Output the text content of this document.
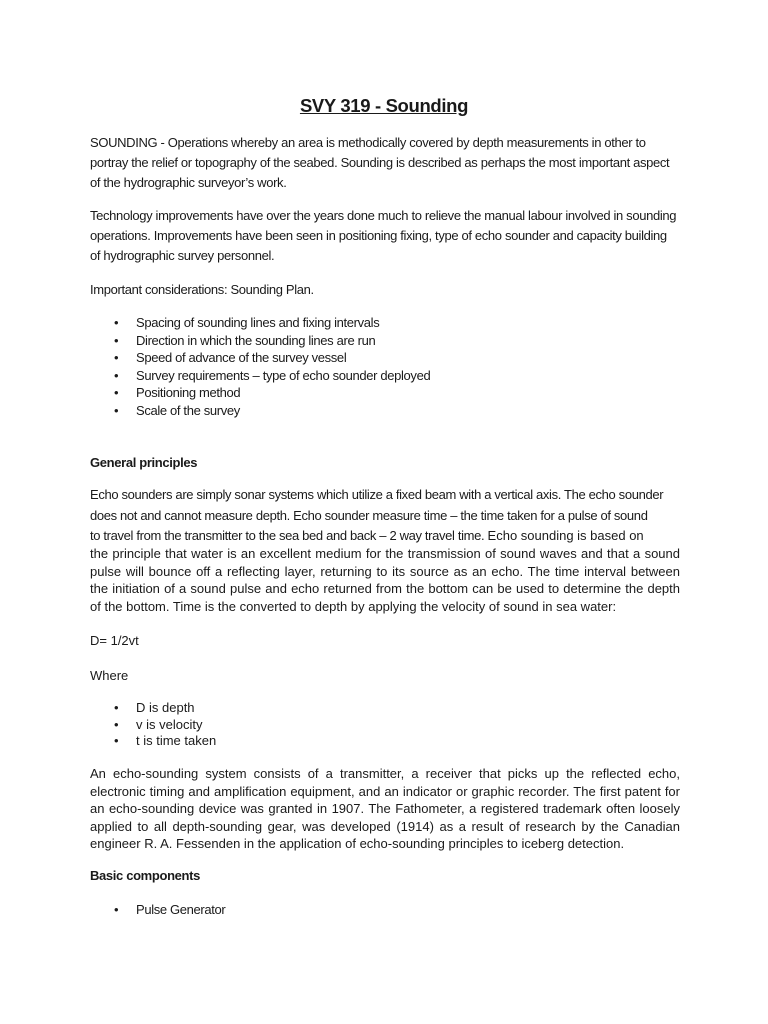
SVY 319 - Sounding

SOUNDING - Operations whereby an area is methodically covered by depth measurements in other to portray the relief or topography of the seabed. Sounding is described as perhaps the most important aspect of the hydrographic surveyor’s work.

Technology improvements have over the years done much to relieve the manual labour involved in sounding operations. Improvements have been seen in positioning fixing, type of echo sounder and capacity building of hydrographic survey personnel.

Important considerations: Sounding Plan.

• Spacing of sounding lines and fixing intervals
• Direction in which the sounding lines are run
• Speed of advance of the survey vessel
• Survey requirements – type of echo sounder deployed
• Positioning method
• Scale of the survey

General principles

Echo sounders are simply sonar systems which utilize a fixed beam with a vertical axis. The echo sounder
does not and cannot measure depth. Echo sounder measure time – the time taken for a pulse of sound
to travel from the transmitter to the sea bed and back – 2 way travel time. Echo sounding is based on

the principle that water is an excellent medium for the transmission of sound waves and that a sound pulse will bounce off a reflecting layer, returning to its source as an echo. The time interval between the initiation of a sound pulse and echo returned from the bottom can be used to determine the depth of the bottom. Time is the converted to depth by applying the velocity of sound in sea water:

D= 1/2vt

Where

• D is depth
• v is velocity
• t is time taken

An echo-sounding system consists of a transmitter, a receiver that picks up the reflected echo, electronic timing and amplification equipment, and an indicator or graphic recorder. The first patent for an echo-sounding device was granted in 1907. The Fathometer, a registered trademark often loosely applied to all depth-sounding gear, was developed (1914) as a result of research by the Canadian engineer R. A. Fessenden in the application of echo-sounding principles to iceberg detection.

Basic components

• Pulse Generator
